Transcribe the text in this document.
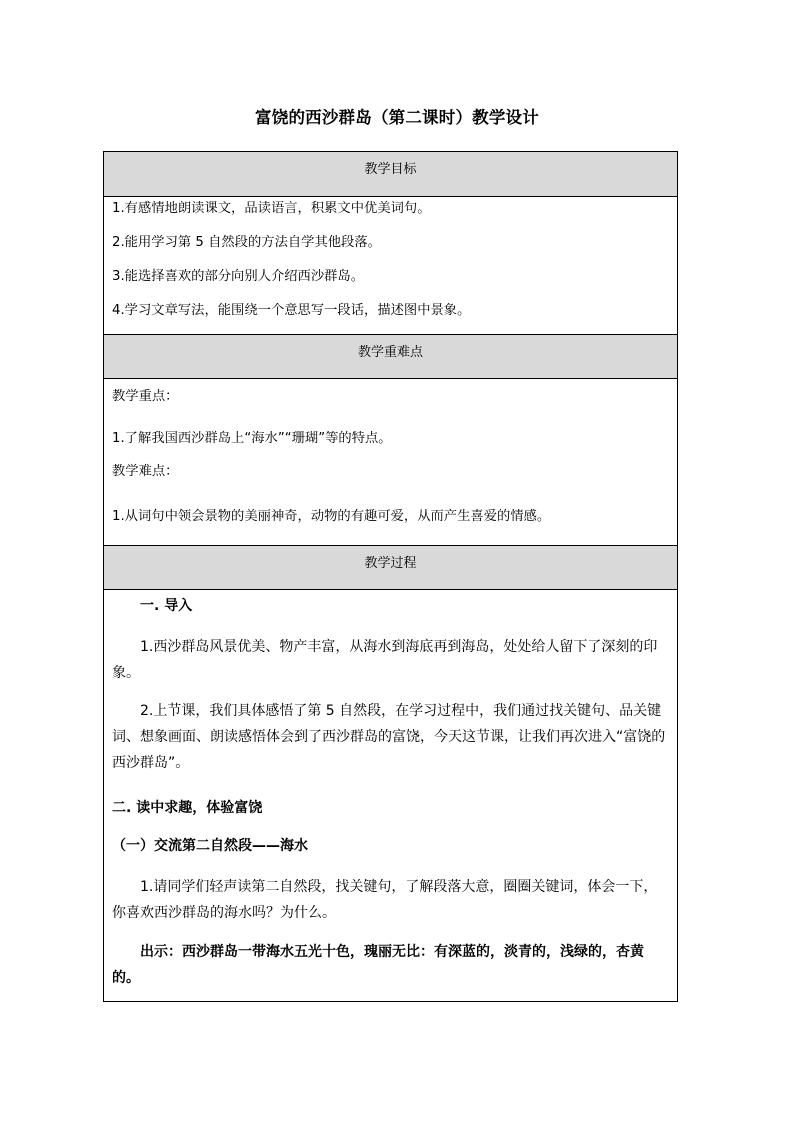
富饶的西沙群岛（第二课时）教学设计
教学目标
1.有感情地朗读课文，品读语言，积累文中优美词句。
2.能用学习第 5 自然段的方法自学其他段落。
3.能选择喜欢的部分向别人介绍西沙群岛。
4.学习文章写法，能围绕一个意思写一段话，描述图中景象。
教学重难点
教学重点：
1.了解我国西沙群岛上“海水”“珊瑚”等的特点。
教学难点：
1.从词句中领会景物的美丽神奇，动物的有趣可爱，从而产生喜爱的情感。
教学过程
一. 导入
1.西沙群岛风景优美、物产丰富，从海水到海底再到海岛，处处给人留下了深刻的印象。
2.上节课，我们具体感悟了第 5 自然段，在学习过程中，我们通过找关键句、品关键词、想象画面、朗读感悟体会到了西沙群岛的富饶，今天这节课，让我们再次进入“富饶的西沙群岛”。
二. 读中求趣，体验富饶
（一）交流第二自然段——海水
1.请同学们轻声读第二自然段，找关键句，了解段落大意，圈圈关键词，体会一下，你喜欢西沙群岛的海水吗？为什么。
出示：西沙群岛一带海水五光十色，瑰丽无比：有深蓝的，淡青的，浅绿的，杏黄的。
